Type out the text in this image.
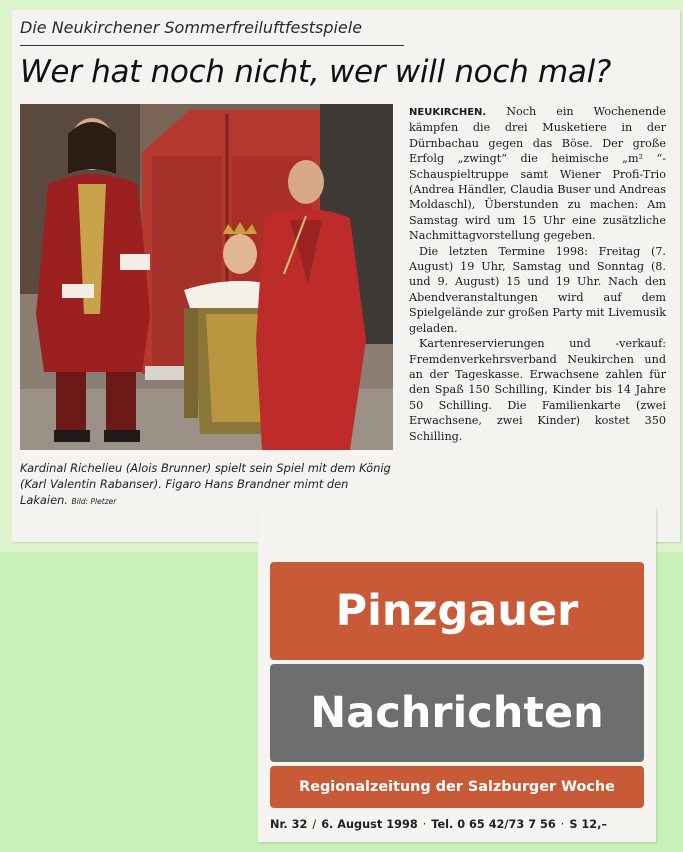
Die Neukirchener Sommerfreiluftfestspiele
Wer hat noch nicht, wer will noch mal?
Kardinal Richelieu (Alois Brunner) spielt sein Spiel mit dem König (Karl Valentin Rabanser). Figaro Hans Brandner mimt den Lakaien. Bild: Pletzer

NEUKIRCHEN. Noch ein Wochenende kämpfen die drei Musketiere in der Dürnbachau gegen das Böse. Der große Erfolg „zwingt“ die heimische „m² “-Schauspieltruppe samt Wiener Profi-Trio (Andrea Händler, Claudia Buser und Andreas Moldaschl), Überstunden zu machen: Am Samstag wird um 15 Uhr eine zusätzliche Nachmittagvorstellung gegeben.

Die letzten Termine 1998: Freitag (7. August) 19 Uhr, Samstag und Sonntag (8. und 9. August) 15 und 19 Uhr. Nach den Abendveranstaltungen wird auf dem Spielgelände zur großen Party mit Livemusik geladen.

Kartenreservierungen und -verkauf: Fremdenverkehrsverband Neukirchen und an der Tageskasse. Erwachsene zahlen für den Spaß 150 Schilling, Kinder bis 14 Jahre 50 Schilling. Die Familienkarte (zwei Erwachsene, zwei Kinder) kostet 350 Schilling.

Pinzgauer
Nachrichten
Regionalzeitung der Salzburger Woche
Nr. 32 / 6. August 1998 · Tel. 0 65 42/73 7 56 · S 12,–
